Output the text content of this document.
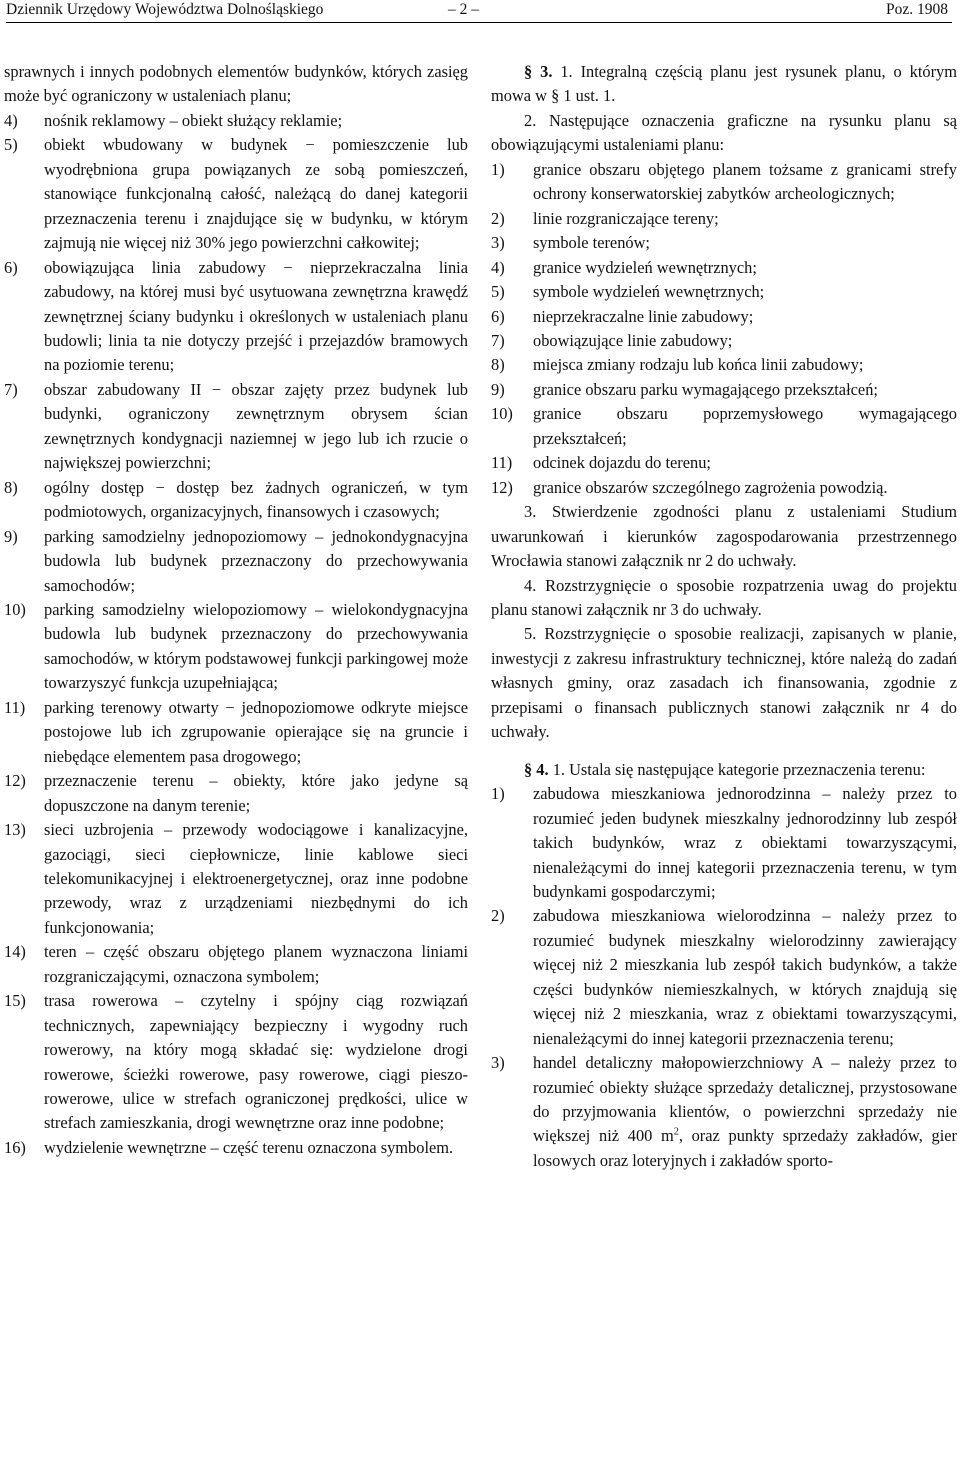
Dziennik Urzędowy Województwa Dolnośląskiego	– 2 –	Poz. 1908

sprawnych i innych podobnych elementów budynków, których zasięg może być ograniczony w ustaleniach planu;

4)	nośnik reklamowy – obiekt służący reklamie;
5)	obiekt wbudowany w budynek − pomieszczenie lub wyodrębniona grupa powiązanych ze sobą pomieszczeń, stanowiące funkcjonalną całość, należącą do danej kategorii przeznaczenia terenu i znajdujące się w budynku, w którym zajmują nie więcej niż 30% jego powierzchni całkowitej;
6)	obowiązująca linia zabudowy − nieprzekraczalna linia zabudowy, na której musi być usytuowana zewnętrzna krawędź zewnętrznej ściany budynku i określonych w ustaleniach planu budowli; linia ta nie dotyczy przejść i przejazdów bramowych na poziomie terenu;
7)	obszar zabudowany II − obszar zajęty przez budynek lub budynki, ograniczony zewnętrznym obrysem ścian zewnętrznych kondygnacji naziemnej w jego lub ich rzucie o największej powierzchni;
8)	ogólny dostęp − dostęp bez żadnych ograniczeń, w tym podmiotowych, organizacyjnych, finansowych i czasowych;
9)	parking samodzielny jednopoziomowy – jednokondygnacyjna budowla lub budynek przeznaczony do przechowywania samochodów;
10)	parking samodzielny wielopoziomowy – wielokondygnacyjna budowla lub budynek przeznaczony do przechowywania samochodów, w którym podstawowej funkcji parkingowej może towarzyszyć funkcja uzupełniająca;
11)	parking terenowy otwarty − jednopoziomowe odkryte miejsce postojowe lub ich zgrupowanie opierające się na gruncie i niebędące elementem pasa drogowego;
12)	przeznaczenie terenu – obiekty, które jako jedyne są dopuszczone na danym terenie;
13)	sieci uzbrojenia – przewody wodociągowe i kanalizacyjne, gazociągi, sieci ciepłownicze, linie kablowe sieci telekomunikacyjnej i elektroenergetycznej, oraz inne podobne przewody, wraz z urządzeniami niezbędnymi do ich funkcjonowania;
14)	teren – część obszaru objętego planem wyznaczona liniami rozgraniczającymi, oznaczona symbolem;
15)	trasa rowerowa – czytelny i spójny ciąg rozwiązań technicznych, zapewniający bezpieczny i wygodny ruch rowerowy, na który mogą składać się: wydzielone drogi rowerowe, ścieżki rowerowe, pasy rowerowe, ciągi pieszo-rowerowe, ulice w strefach ograniczonej prędkości, ulice w strefach zamieszkania, drogi wewnętrzne oraz inne podobne;
16)	wydzielenie wewnętrzne – część terenu oznaczona symbolem.

§ 3. 1. Integralną częścią planu jest rysunek planu, o którym mowa w § 1 ust. 1.

2. Następujące oznaczenia graficzne na rysunku planu są obowiązującymi ustaleniami planu:

1)	granice obszaru objętego planem tożsame z granicami strefy ochrony konserwatorskiej zabytków archeologicznych;
2)	linie rozgraniczające tereny;
3)	symbole terenów;
4)	granice wydzieleń wewnętrznych;
5)	symbole wydzieleń wewnętrznych;
6)	nieprzekraczalne linie zabudowy;
7)	obowiązujące linie zabudowy;
8)	miejsca zmiany rodzaju lub końca linii zabudowy;
9)	granice obszaru parku wymagającego przekształceń;
10)	granice obszaru poprzemysłowego wymagającego przekształceń;
11)	odcinek dojazdu do terenu;
12)	granice obszarów szczególnego zagrożenia powodzią.

3. Stwierdzenie zgodności planu z ustaleniami Studium uwarunkowań i kierunków zagospodarowania przestrzennego Wrocławia stanowi załącznik nr 2 do uchwały.

4. Rozstrzygnięcie o sposobie rozpatrzenia uwag do projektu planu stanowi załącznik nr 3 do uchwały.

5. Rozstrzygnięcie o sposobie realizacji, zapisanych w planie, inwestycji z zakresu infrastruktury technicznej, które należą do zadań własnych gminy, oraz zasadach ich finansowania, zgodnie z przepisami o finansach publicznych stanowi załącznik nr 4 do uchwały.

§ 4. 1. Ustala się następujące kategorie przeznaczenia terenu:

1)	zabudowa mieszkaniowa jednorodzinna – należy przez to rozumieć jeden budynek mieszkalny jednorodzinny lub zespół takich budynków, wraz z obiektami towarzyszącymi, nienależącymi do innej kategorii przeznaczenia terenu, w tym budynkami gospodarczymi;
2)	zabudowa mieszkaniowa wielorodzinna – należy przez to rozumieć budynek mieszkalny wielorodzinny zawierający więcej niż 2 mieszkania lub zespół takich budynków, a także części budynków niemieszkalnych, w których znajdują się więcej niż 2 mieszkania, wraz z obiektami towarzyszącymi, nienależącymi do innej kategorii przeznaczenia terenu;
3)	handel detaliczny małopowierzchniowy A – należy przez to rozumieć obiekty służące sprzedaży detalicznej, przystosowane do przyjmowania klientów, o powierzchni sprzedaży nie większej niż 400 $m^2$, oraz punkty sprzedaży zakładów, gier losowych oraz loteryjnych i zakładów sporto-
